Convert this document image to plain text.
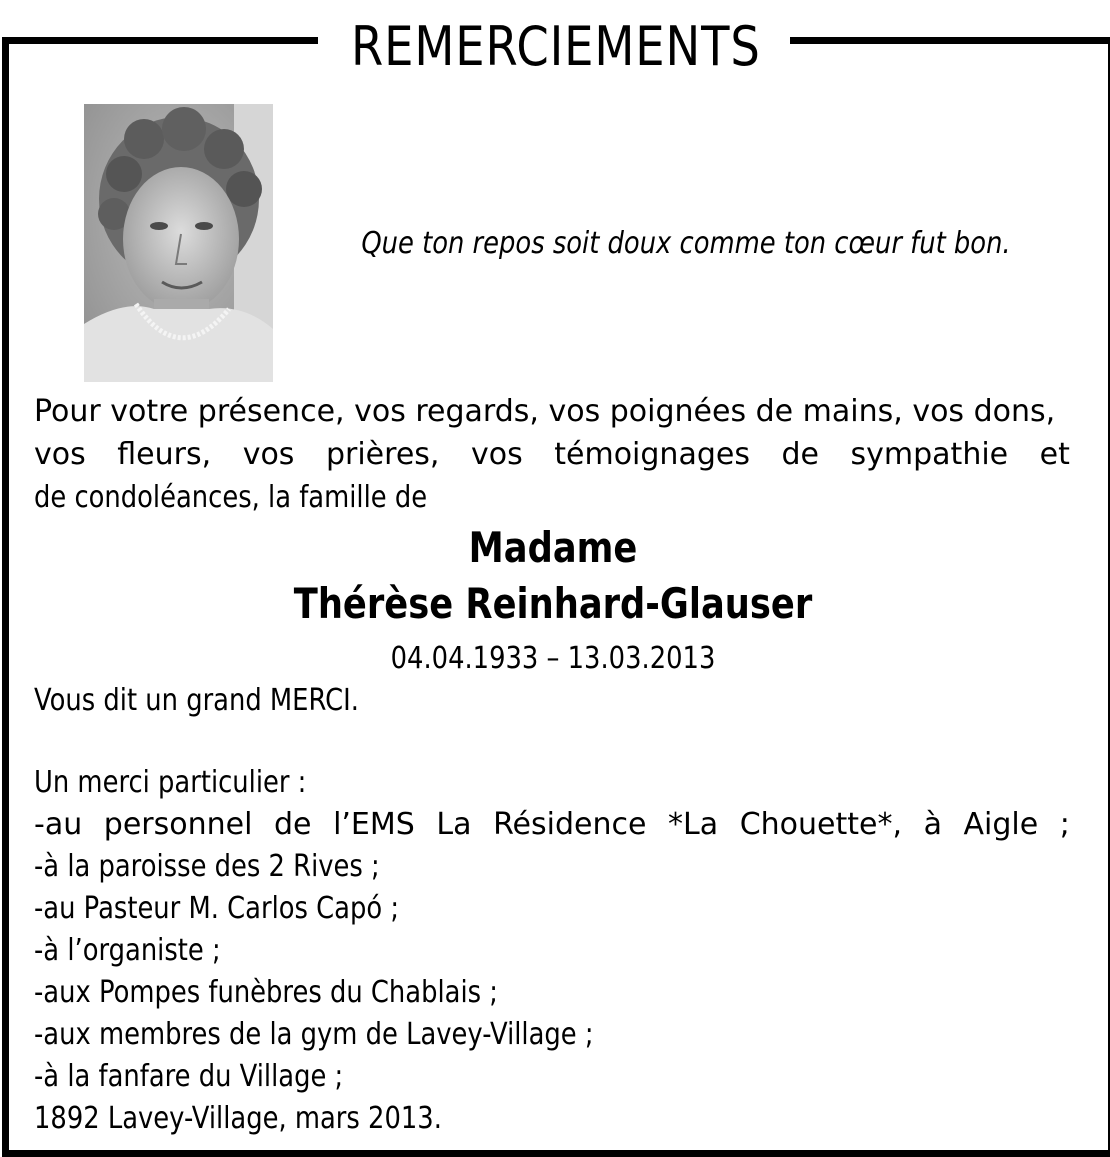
REMERCIEMENTS
Que ton repos soit doux comme ton cœur fut bon.
Pour votre présence, vos regards, vos poignées de mains, vos dons,
vos fleurs, vos prières, vos témoignages de sympathie et
de condoléances, la famille de
Madame
Thérèse Reinhard-Glauser
04.04.1933 – 13.03.2013
Vous dit un grand MERCI.
Un merci particulier :
-au personnel de l’EMS La Résidence *La Chouette*, à Aigle ;
-à la paroisse des 2 Rives ;
-au Pasteur M. Carlos Capó ;
-à l’organiste ;
-aux Pompes funèbres du Chablais ;
-aux membres de la gym de Lavey-Village ;
-à la fanfare du Village ;
1892 Lavey-Village, mars 2013.
